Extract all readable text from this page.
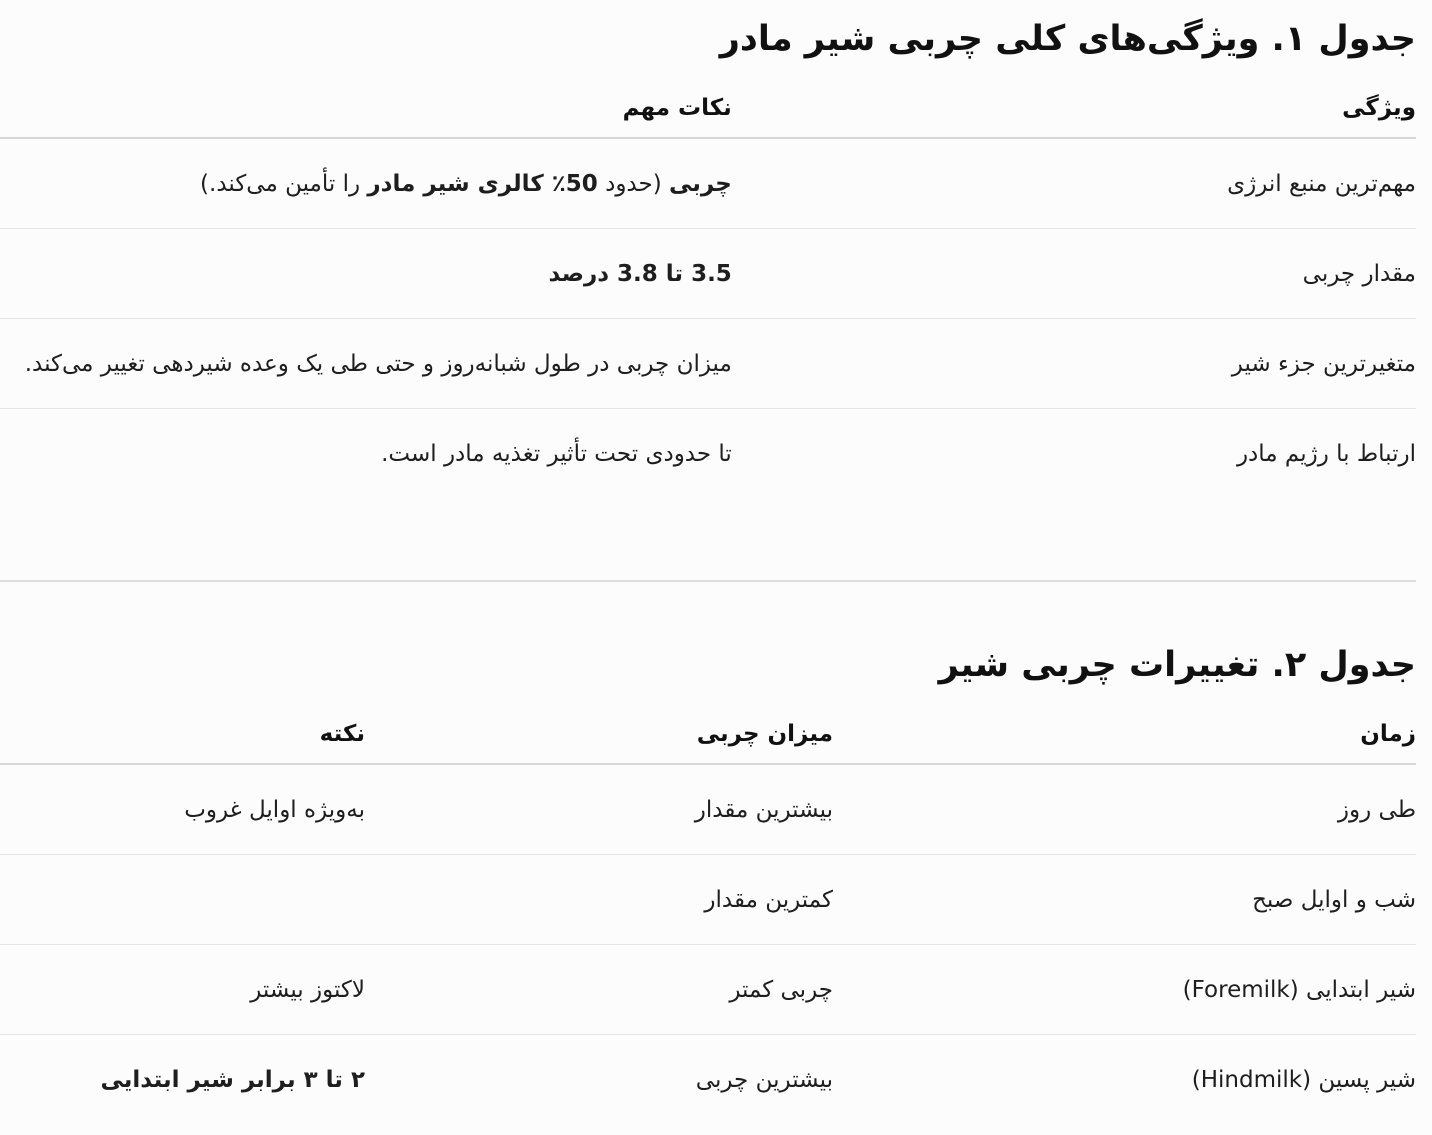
جدول ۱. ویژگی‌های کلی چربی شیر مادر
ویژگی	نکات مهم
مهم‌ترین منبع انرژی	چربی (حدود 50٪ کالری شیر مادر را تأمین می‌کند.)
مقدار چربی	3.5 تا 3.8 درصد
متغیرترین جزء شیر	میزان چربی در طول شبانه‌روز و حتی طی یک وعده شیردهی تغییر می‌کند.
ارتباط با رژیم مادر	تا حدودی تحت تأثیر تغذیه مادر است.
جدول ۲. تغییرات چربی شیر
زمان	میزان چربی	نکته
طی روز	بیشترین مقدار	به‌ویژه اوایل غروب
شب و اوایل صبح	کمترین مقدار	
شیر ابتدایی (Foremilk)	چربی کمتر	لاکتوز بیشتر
شیر پسین (Hindmilk)	بیشترین چربی	۲ تا ۳ برابر شیر ابتدایی
